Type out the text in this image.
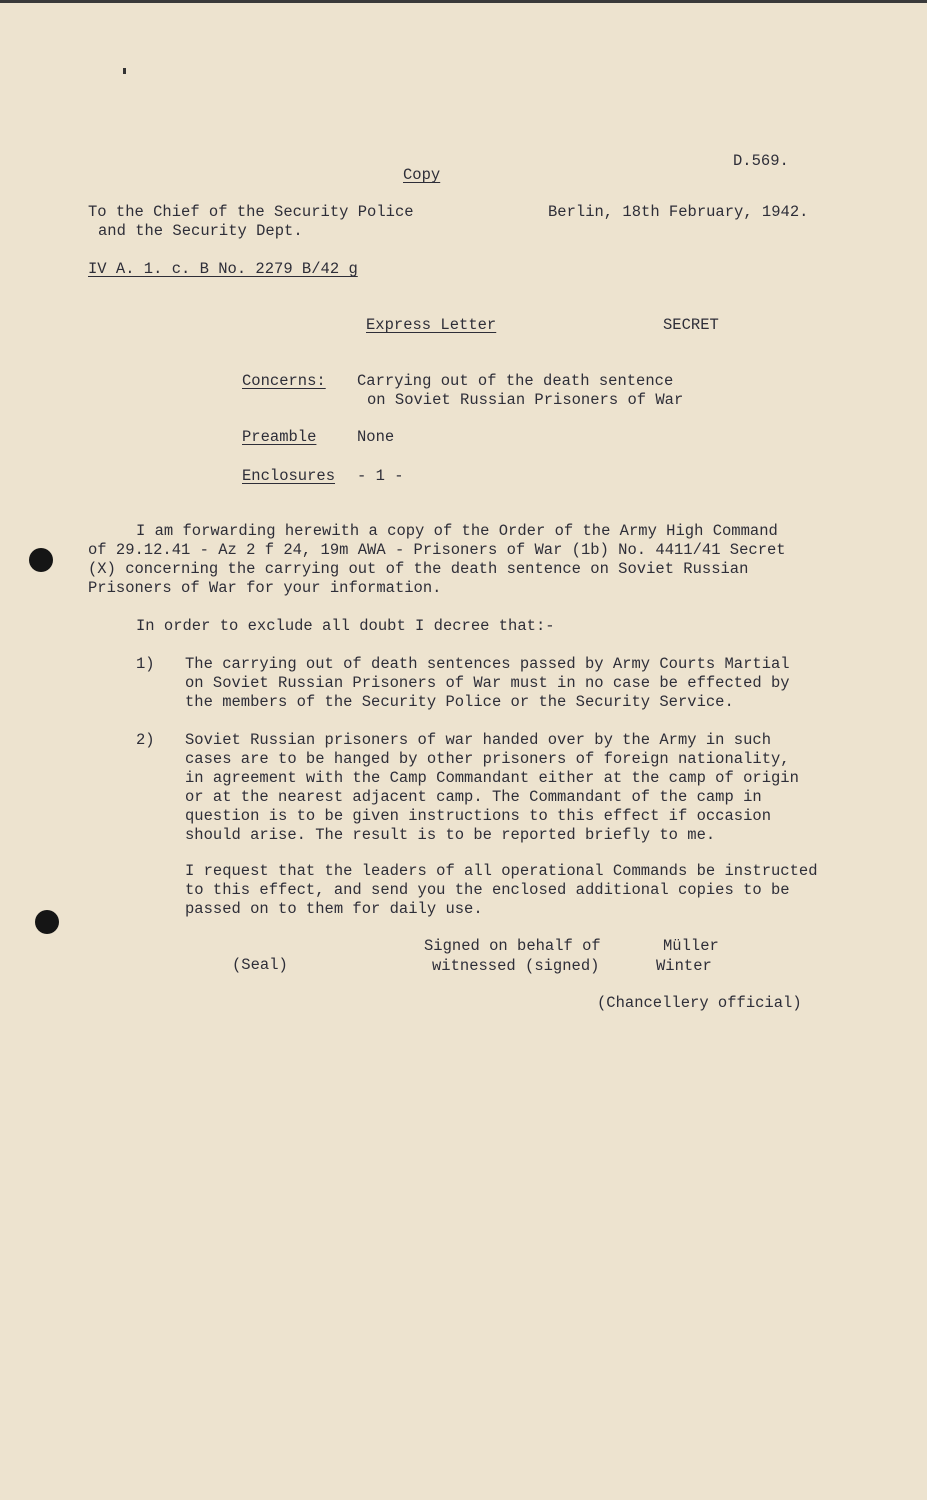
D.569.

Copy

To the Chief of the Security Police
and the Security Dept.

Berlin, 18th February, 1942.

IV A. 1. c. B No. 2279 B/42 g

Express Letter	SECRET

Concerns: Carrying out of the death sentence
on Soviet Russian Prisoners of War

Preamble	None

Enclosures - 1 -

I am forwarding herewith a copy of the Order of the Army High Command
of 29.12.41 - Az 2 f 24, 19m AWA - Prisoners of War (1b) No. 4411/41 Secret
(X) concerning the carrying out of the death sentence on Soviet Russian
Prisoners of War for your information.

In order to exclude all doubt I decree that:-

1) The carrying out of death sentences passed by Army Courts Martial
on Soviet Russian Prisoners of War must in no case be effected by
the members of the Security Police or the Security Service.

2) Soviet Russian prisoners of war handed over by the Army in such
cases are to be hanged by other prisoners of foreign nationality,
in agreement with the Camp Commandant either at the camp of origin
or at the nearest adjacent camp. The Commandant of the camp in
question is to be given instructions to this effect if occasion
should arise. The result is to be reported briefly to me.
I request that the leaders of all operational Commands be instructed
to this effect, and send you the enclosed additional copies to be
passed on to them for daily use.

(Seal)

Signed on behalf of

witnessed (signed)

Müller

Winter

(Chancellery official)
